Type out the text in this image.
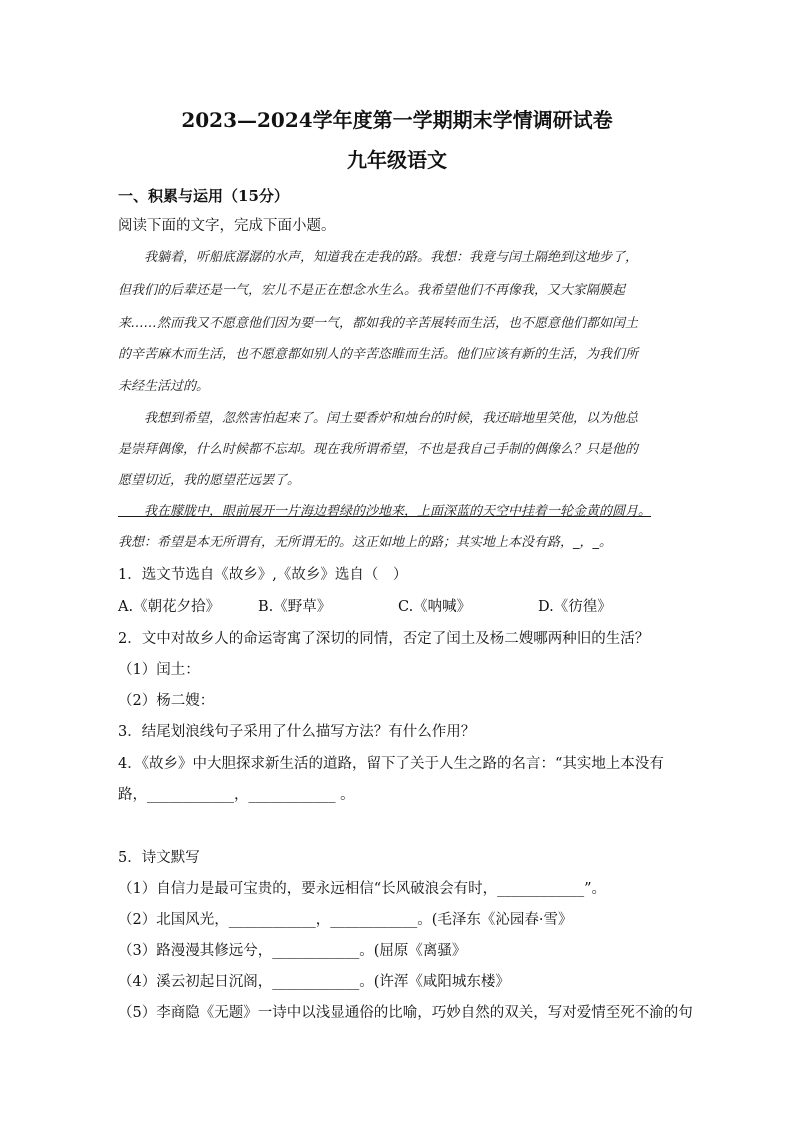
2023—2024学年度第一学期期末学情调研试卷
九年级语文
一、积累与运用（15分）
阅读下面的文字，完成下面小题。
　　我躺着，听船底潺潺的水声，知道我在走我的路。我想：我竟与闰土隔绝到这地步了，
但我们的后辈还是一气，宏儿不是正在想念水生么。我希望他们不再像我，又大家隔膜起
来……然而我又不愿意他们因为要一气，都如我的辛苦展转而生活，也不愿意他们都如闰土
的辛苦麻木而生活，也不愿意都如别人的辛苦恣睢而生活。他们应该有新的生活，为我们所
未经生活过的。
　　我想到希望，忽然害怕起来了。闰土要香炉和烛台的时候，我还暗地里笑他，以为他总
是崇拜偶像，什么时候都不忘却。现在我所谓希望，不也是我自己手制的偶像么？只是他的
愿望切近，我的愿望茫远罢了。
　　我在朦胧中，眼前展开一片海边碧绿的沙地来，上面深蓝的天空中挂着一轮金黄的圆月。
我想：希望是本无所谓有，无所谓无的。这正如地上的路；其实地上本没有路，_，_。
1．选文节选自《故乡》,《故乡》选自（　）
A.《朝花夕拾》	B.《野草》	C.《呐喊》	D.《彷徨》
2．文中对故乡人的命运寄寓了深切的同情，否定了闰土及杨二嫂哪两种旧的生活？
（1）闰土：
（2）杨二嫂：
3．结尾划浪线句子采用了什么描写方法？有什么作用？
4．《故乡》中大胆探求新生活的道路，留下了关于人生之路的名言：“其实地上本没有
路，____________，____________ 。
5．诗文默写
（1）自信力是最可宝贵的，要永远相信“长风破浪会有时，____________”。
（2）北国风光，____________，____________。(毛泽东《沁园春·雪》
（3）路漫漫其修远兮，____________。(屈原《离骚》
（4）溪云初起日沉阁，____________。(许浑《咸阳城东楼》
（5）李商隐《无题》一诗中以浅显通俗的比喻，巧妙自然的双关，写对爱情至死不渝的句
